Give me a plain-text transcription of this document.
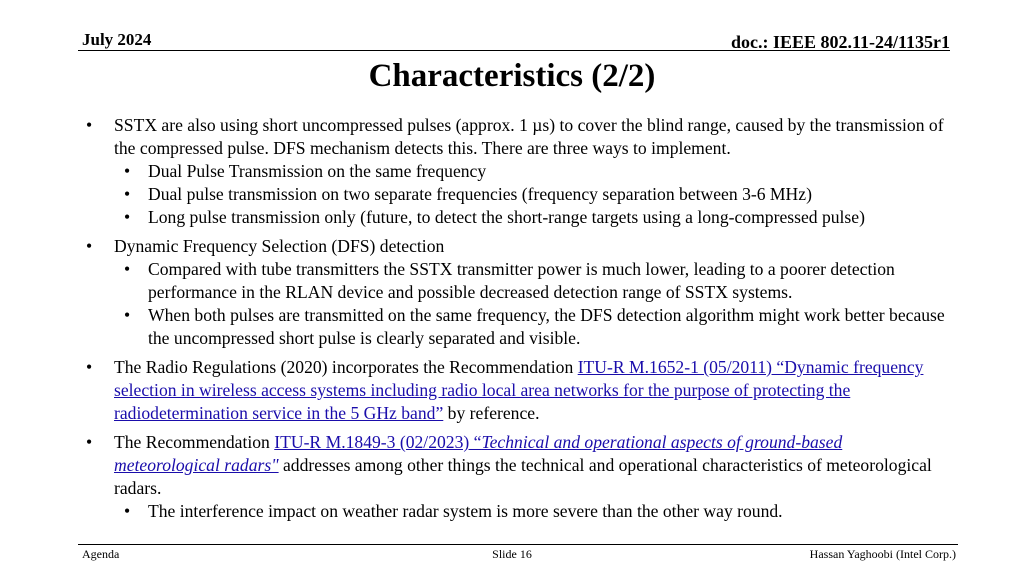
July 2024	doc.: IEEE 802.11-24/1135r1
Characteristics (2/2)
• SSTX are also using short uncompressed pulses (approx. 1 µs) to cover the blind range, caused by the transmission of the compressed pulse. DFS mechanism detects this. There are three ways to implement.
• Dual Pulse Transmission on the same frequency
• Dual pulse transmission on two separate frequencies (frequency separation between 3-6 MHz)
• Long pulse transmission only (future, to detect the short-range targets using a long-compressed pulse)
• Dynamic Frequency Selection (DFS) detection
• Compared with tube transmitters the SSTX transmitter power is much lower, leading to a poorer detection performance in the RLAN device and possible decreased detection range of SSTX systems.
• When both pulses are transmitted on the same frequency, the DFS detection algorithm might work better because the uncompressed short pulse is clearly separated and visible.
• The Radio Regulations (2020) incorporates the Recommendation ITU-R M.1652-1 (05/2011) “Dynamic frequency selection in wireless access systems including radio local area networks for the purpose of protecting the radiodetermination service in the 5 GHz band” by reference.
• The Recommendation ITU-R M.1849-3 (02/2023) “Technical and operational aspects of ground-based meteorological radars" addresses among other things the technical and operational characteristics of meteorological radars.
• The interference impact on weather radar system is more severe than the other way round.
Agenda	Slide 16	Hassan Yaghoobi (Intel Corp.)
